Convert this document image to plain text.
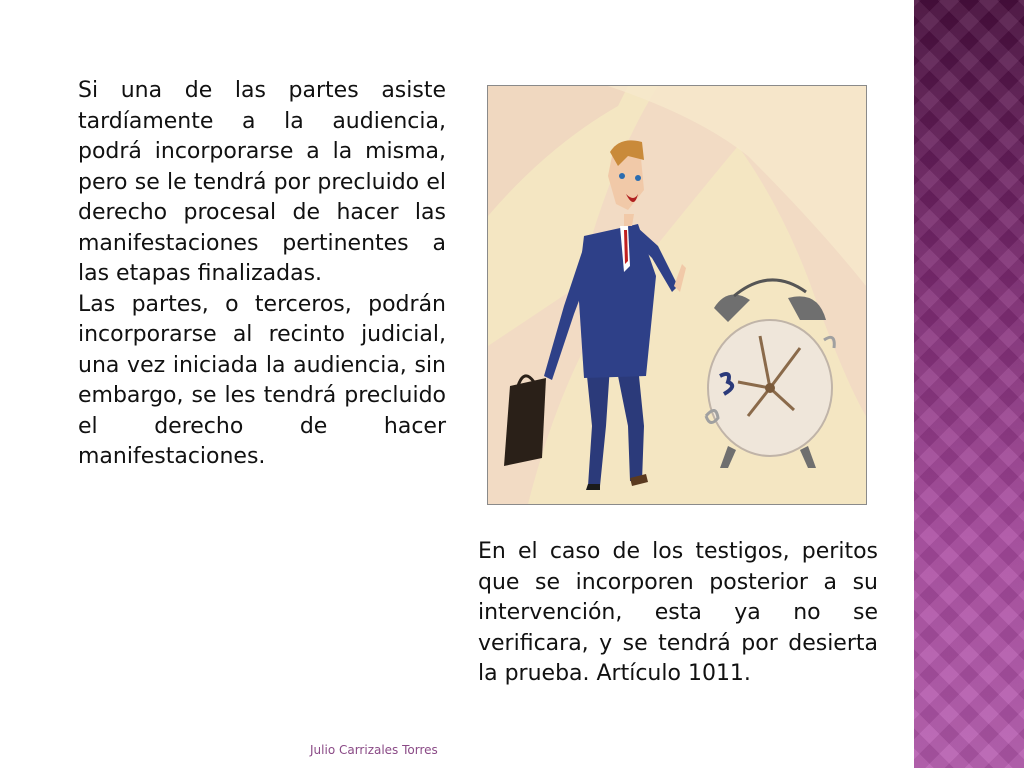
Si una de las partes asiste tardíamente a la audiencia, podrá incorporarse a la misma, pero se le tendrá por precluido el derecho procesal de hacer las manifestaciones pertinentes a las etapas finalizadas.

Las partes, o terceros, podrán incorporarse al recinto judicial, una vez iniciada la audiencia, sin embargo, se les tendrá precluido el derecho de hacer manifestaciones.

En el caso de los testigos, peritos que se incorporen posterior a su intervención, esta ya no se verificara, y se tendrá por desierta la prueba. Artículo 1011.

Julio Carrizales Torres
